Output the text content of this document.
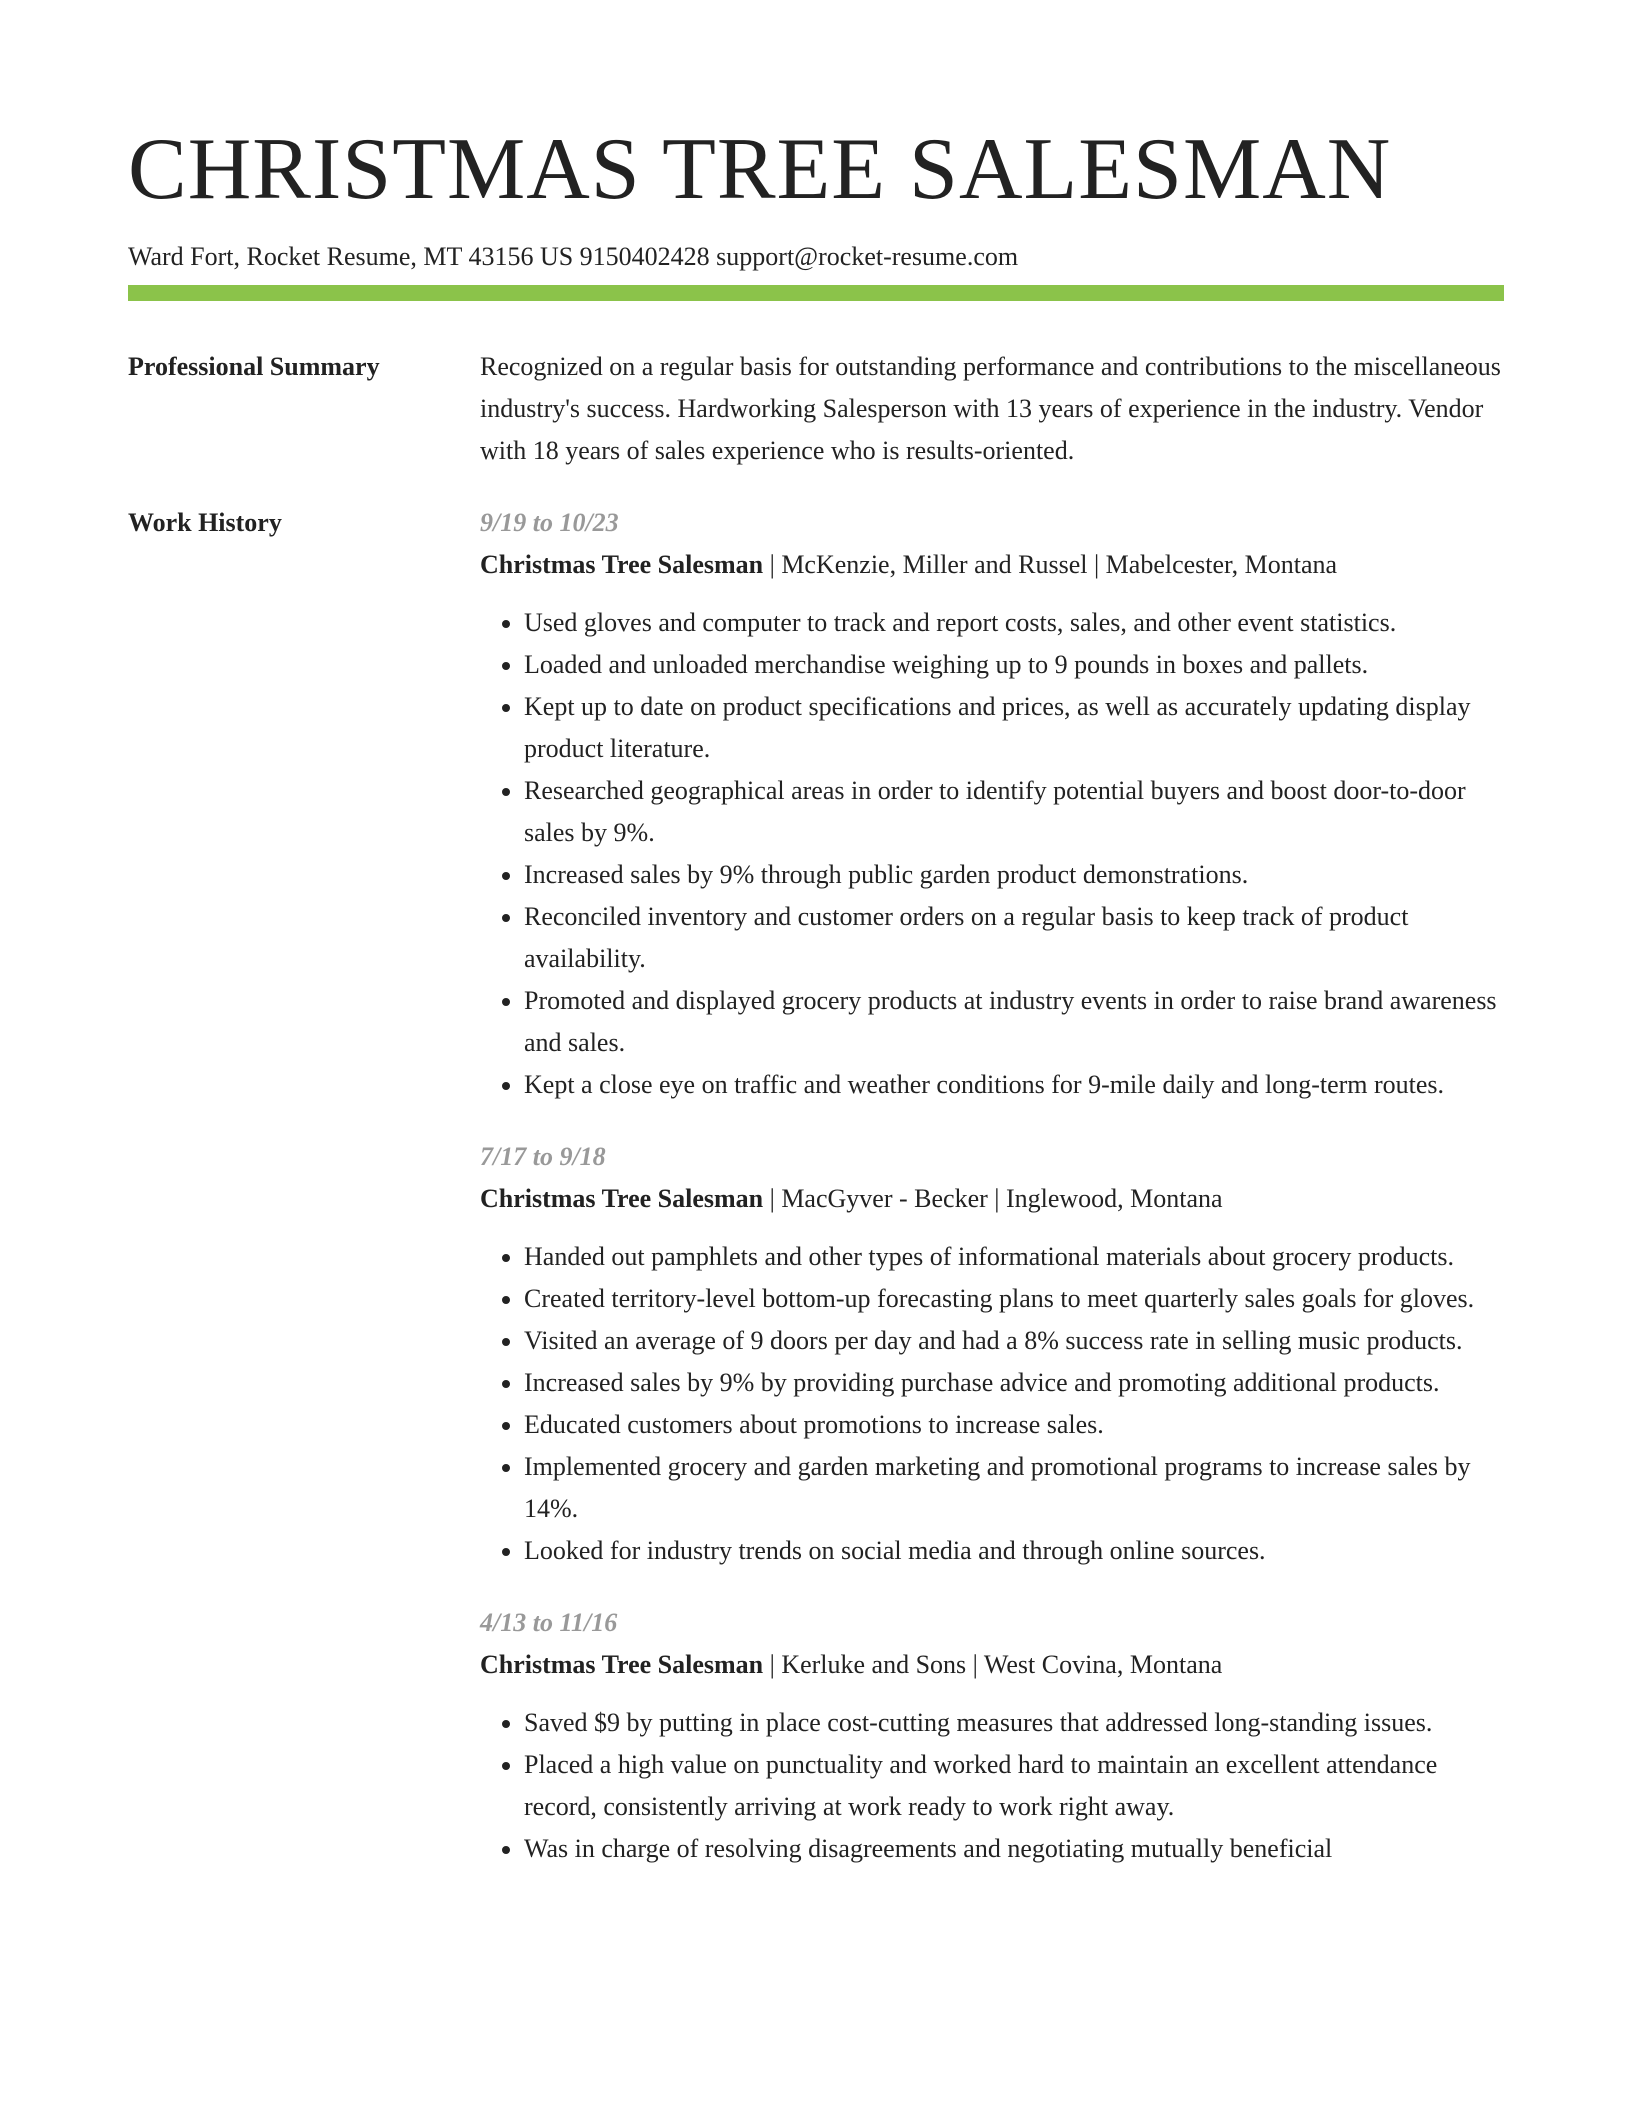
CHRISTMAS TREE SALESMAN
Ward Fort, Rocket Resume, MT 43156 US 9150402428 support@rocket-resume.com
Professional Summary	Recognized on a regular basis for outstanding performance and contributions to the miscellaneous industry's success. Hardworking Salesperson with 13 years of experience in the industry. Vendor with 18 years of sales experience who is results-oriented.

Work History	9/19 to 10/23
Christmas Tree Salesman | McKenzie, Miller and Russel | Mabelcester, Montana
• Used gloves and computer to track and report costs, sales, and other event statistics.
• Loaded and unloaded merchandise weighing up to 9 pounds in boxes and pallets.
• Kept up to date on product specifications and prices, as well as accurately updating display product literature.
• Researched geographical areas in order to identify potential buyers and boost door-to-door sales by 9%.
• Increased sales by 9% through public garden product demonstrations.
• Reconciled inventory and customer orders on a regular basis to keep track of product availability.
• Promoted and displayed grocery products at industry events in order to raise brand awareness and sales.
• Kept a close eye on traffic and weather conditions for 9-mile daily and long-term routes.
7/17 to 9/18
Christmas Tree Salesman | MacGyver - Becker | Inglewood, Montana
• Handed out pamphlets and other types of informational materials about grocery products.
• Created territory-level bottom-up forecasting plans to meet quarterly sales goals for gloves.
• Visited an average of 9 doors per day and had a 8% success rate in selling music products.
• Increased sales by 9% by providing purchase advice and promoting additional products.
• Educated customers about promotions to increase sales.
• Implemented grocery and garden marketing and promotional programs to increase sales by 14%.
• Looked for industry trends on social media and through online sources.
4/13 to 11/16
Christmas Tree Salesman | Kerluke and Sons | West Covina, Montana
• Saved $9 by putting in place cost-cutting measures that addressed long-standing issues.
• Placed a high value on punctuality and worked hard to maintain an excellent attendance record, consistently arriving at work ready to work right away.
• Was in charge of resolving disagreements and negotiating mutually beneficial
